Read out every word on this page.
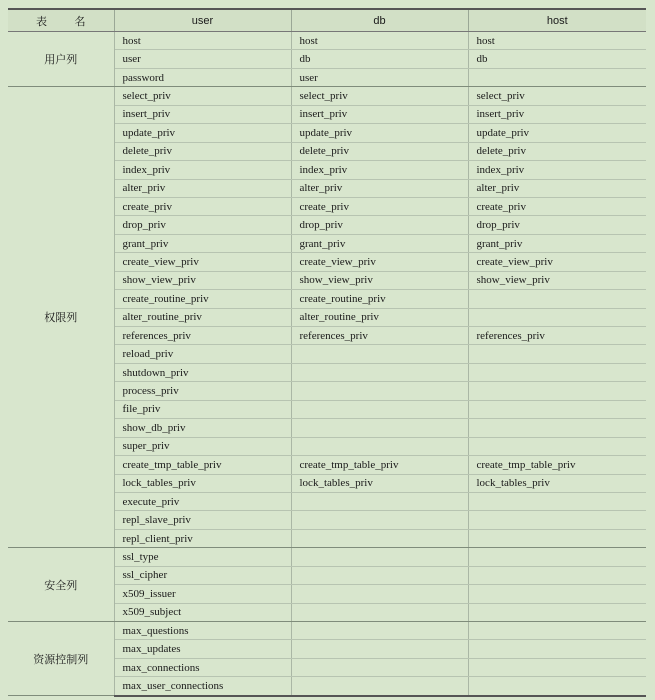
表 名	user	db	host
用户列	host	host	host
	user	db	db
	password	user	
权限列	select_priv	select_priv	select_priv
	insert_priv	insert_priv	insert_priv
	update_priv	update_priv	update_priv
	delete_priv	delete_priv	delete_priv
	index_priv	index_priv	index_priv
	alter_priv	alter_priv	alter_priv
	create_priv	create_priv	create_priv
	drop_priv	drop_priv	drop_priv
	grant_priv	grant_priv	grant_priv
	create_view_priv	create_view_priv	create_view_priv
	show_view_priv	show_view_priv	show_view_priv
	create_routine_priv	create_routine_priv	
	alter_routine_priv	alter_routine_priv	
	references_priv	references_priv	references_priv
	reload_priv		
	shutdown_priv		
	process_priv		
	file_priv		
	show_db_priv		
	super_priv		
	create_tmp_table_priv	create_tmp_table_priv	create_tmp_table_priv
	lock_tables_priv	lock_tables_priv	lock_tables_priv
	execute_priv		
	repl_slave_priv		
	repl_client_priv		
安全列	ssl_type		
	ssl_cipher		
	x509_issuer		
	x509_subject		
资源控制列	max_questions		
	max_updates		
	max_connections		
	max_user_connections		
